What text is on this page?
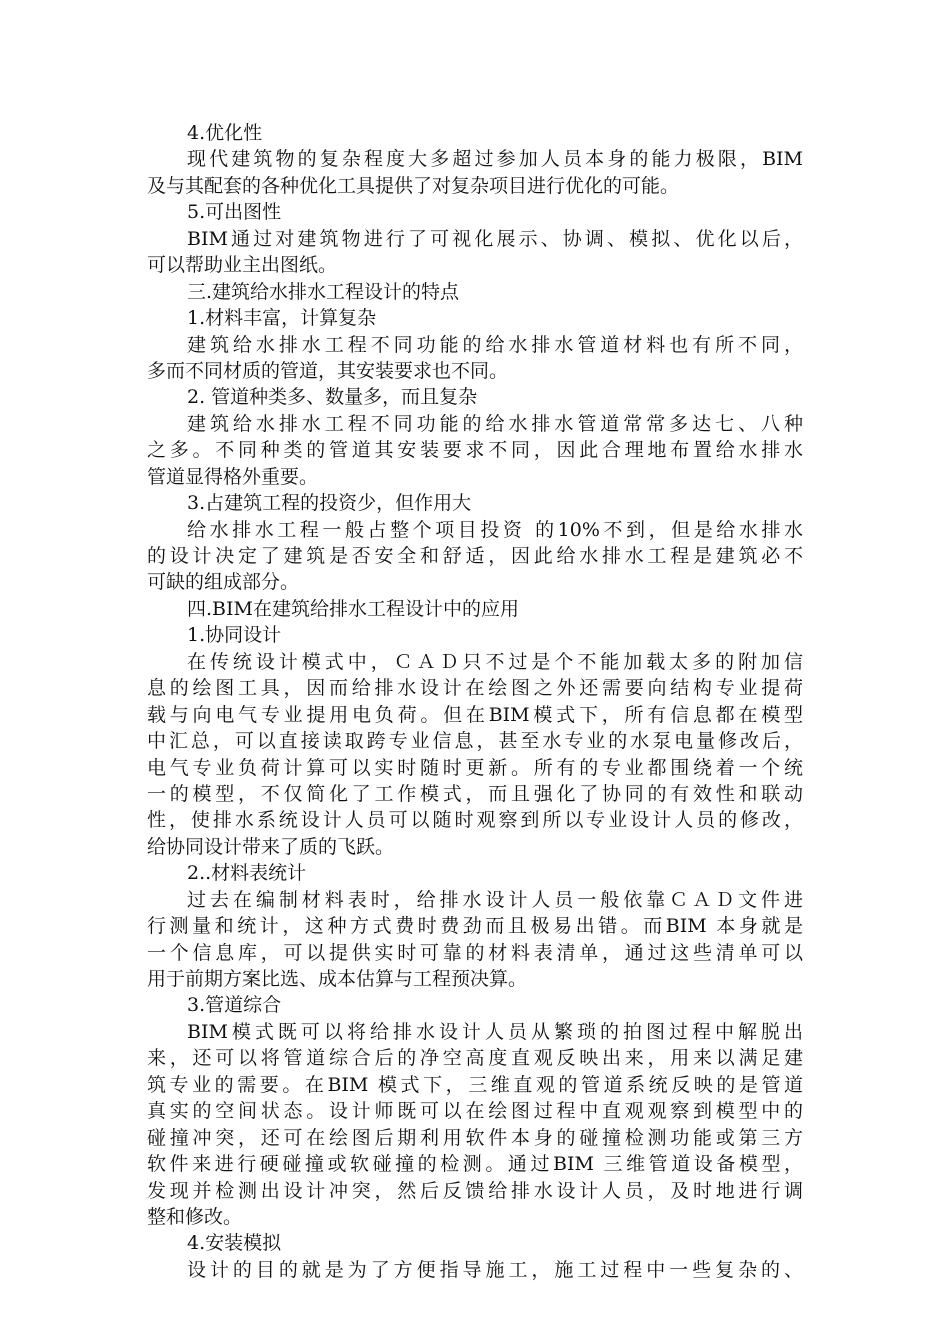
4.优化性
现代建筑物的复杂程度大多超过参加人员本身的能力极限，BIM
及与其配套的各种优化工具提供了对复杂项目进行优化的可能。
5.可出图性
BIM通过对建筑物进行了可视化展示、协调、模拟、优化以后，
可以帮助业主出图纸。
三.建筑给水排水工程设计的特点
1.材料丰富，计算复杂
建筑给水排水工程不同功能的给水排水管道材料也有所不同，
多而不同材质的管道，其安装要求也不同。
2. 管道种类多、数量多，而且复杂
建筑给水排水工程不同功能的给水排水管道常常多达七、八种
之多。不同种类的管道其安装要求不同，因此合理地布置给水排水
管道显得格外重要。
3.占建筑工程的投资少，但作用大
给水排水工程一般占整个项目投资 的10%不到，但是给水排水
的设计决定了建筑是否安全和舒适，因此给水排水工程是建筑必不
可缺的组成部分。
四.BIM在建筑给排水工程设计中的应用
1.协同设计
在传统设计模式中，ＣＡＤ只不过是个不能加载太多的附加信
息的绘图工具，因而给排水设计在绘图之外还需要向结构专业提荷
载与向电气专业提用电负荷。但在BIM模式下，所有信息都在模型
中汇总，可以直接读取跨专业信息，甚至水专业的水泵电量修改后，
电气专业负荷计算可以实时随时更新。所有的专业都围绕着一个统
一的模型，不仅简化了工作模式，而且强化了协同的有效性和联动
性，使排水系统设计人员可以随时观察到所以专业设计人员的修改，
给协同设计带来了质的飞跃。
2..材料表统计
过去在编制材料表时，给排水设计人员一般依靠ＣＡＤ文件进
行测量和统计，这种方式费时费劲而且极易出错。而BIM 本身就是
一个信息库，可以提供实时可靠的材料表清单，通过这些清单可以
用于前期方案比选、成本估算与工程预决算。
3.管道综合
BIM模式既可以将给排水设计人员从繁琐的拍图过程中解脱出
来，还可以将管道综合后的净空高度直观反映出来，用来以满足建
筑专业的需要。在BIM 模式下，三维直观的管道系统反映的是管道
真实的空间状态。设计师既可以在绘图过程中直观观察到模型中的
碰撞冲突，还可在绘图后期利用软件本身的碰撞检测功能或第三方
软件来进行硬碰撞或软碰撞的检测。通过BIM 三维管道设备模型，
发现并检测出设计冲突，然后反馈给排水设计人员，及时地进行调
整和修改。
4.安装模拟
设计的目的就是为了方便指导施工，施工过程中一些复杂的、
